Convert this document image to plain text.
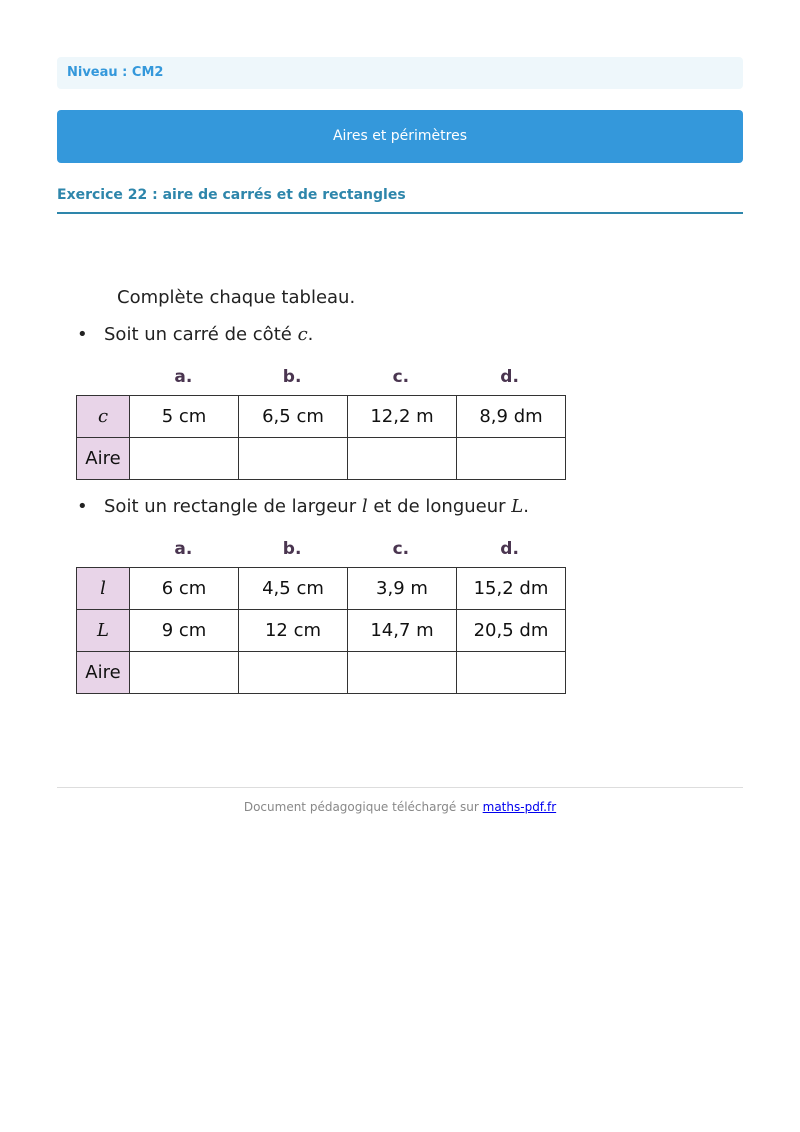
Niveau : CM2
Aires et périmètres
Exercice 22 : aire de carrés et de rectangles
Complète chaque tableau.
• Soit un carré de côté c.
a.	b.	c.	d.
c	5 cm	6,5 cm	12,2 m	8,9 dm
Aire				
• Soit un rectangle de largeur l et de longueur L.
a.	b.	c.	d.
l	6 cm	4,5 cm	3,9 m	15,2 dm
L	9 cm	12 cm	14,7 m	20,5 dm
Aire				
Document pédagogique téléchargé sur maths-pdf.fr
